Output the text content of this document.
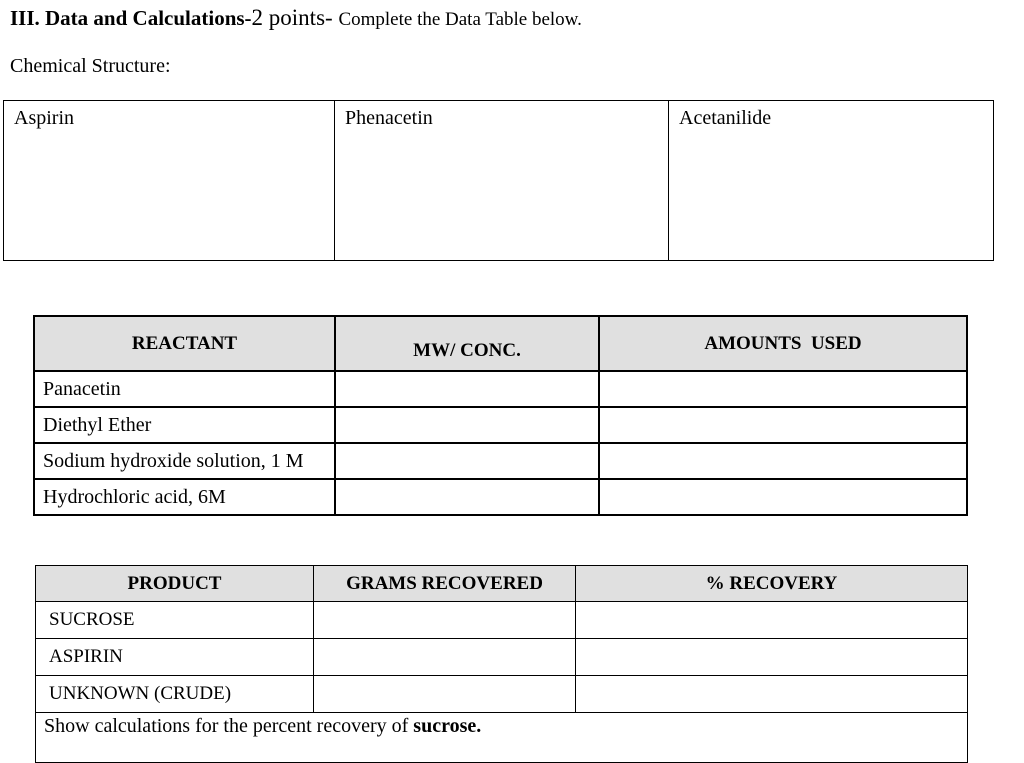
III. Data and Calculations-2 points- Complete the Data Table below.
Chemical Structure:
Aspirin	Phenacetin	Acetanilide
REACTANT	MW/ CONC.	AMOUNTS  USED
Panacetin		
Diethyl Ether		
Sodium hydroxide solution, 1 M		
Hydrochloric acid, 6M		
PRODUCT	GRAMS RECOVERED	% RECOVERY
SUCROSE		
ASPIRIN		
UNKNOWN (CRUDE)		
Show calculations for the percent recovery of sucrose.		
